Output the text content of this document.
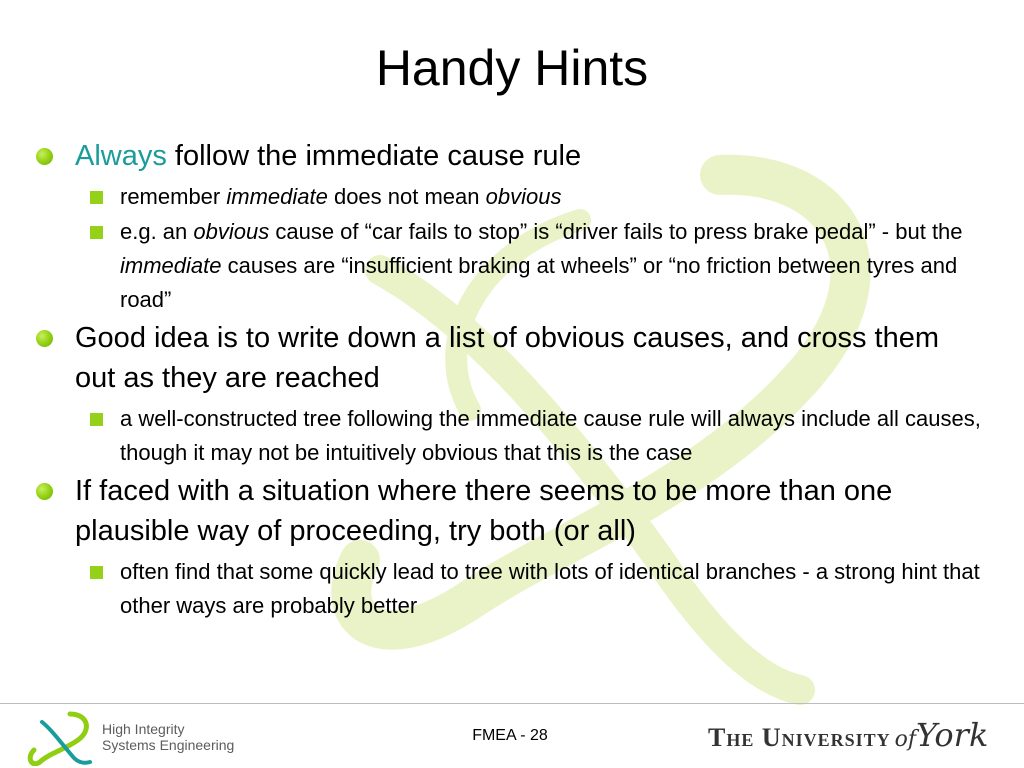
Handy Hints
Always follow the immediate cause rule
remember immediate does not mean obvious
e.g. an obvious cause of “car fails to stop” is “driver fails to press brake pedal” - but the immediate causes are “insufficient braking at wheels” or “no friction between tyres and road”
Good idea is to write down a list of obvious causes, and cross them out as they are reached
a well-constructed tree following the immediate cause rule will always include all causes, though it may not be intuitively obvious that this is the case
If faced with a situation where there seems to be more than one plausible way of proceeding, try both (or all)
often find that some quickly lead to tree with lots of identical branches - a strong hint that other ways are probably better
High Integrity
Systems Engineering
FMEA - 28	The University ofYork
